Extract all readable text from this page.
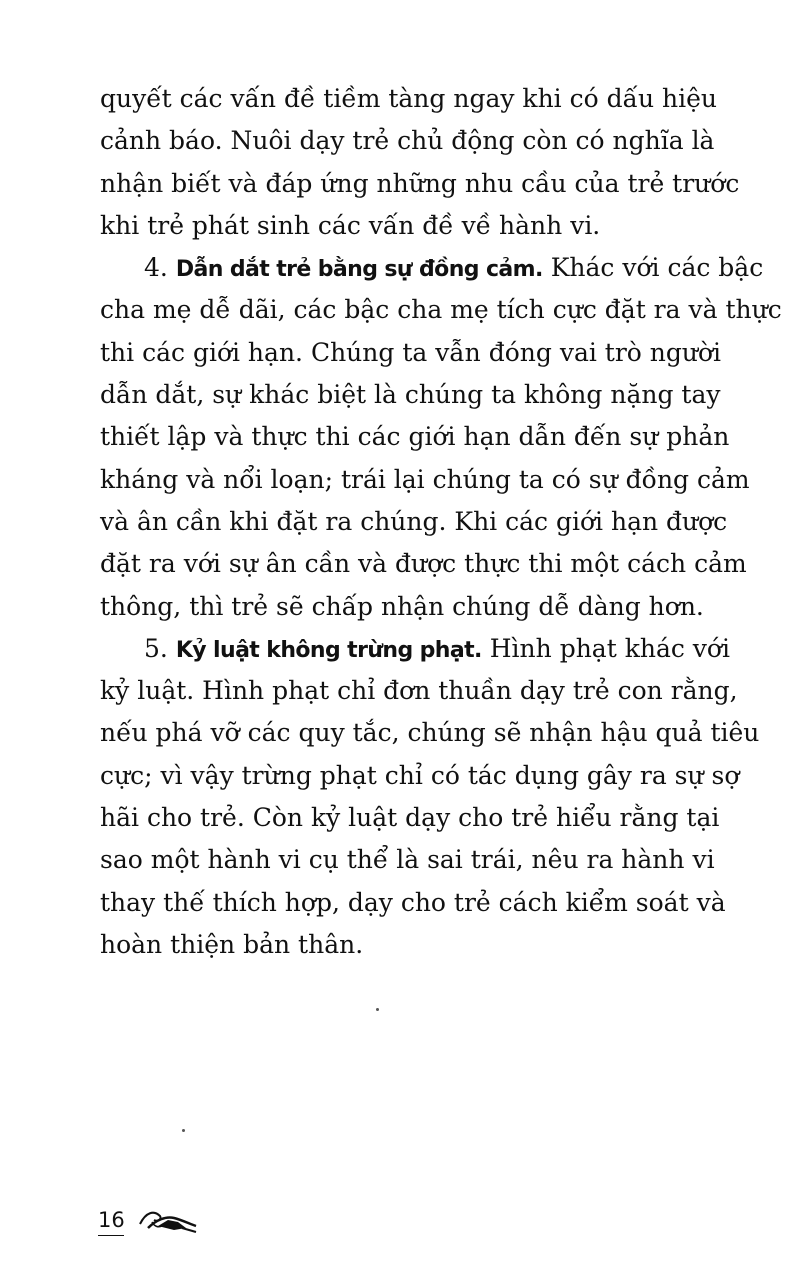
quyết các vấn đề tiềm tàng ngay khi có dấu hiệu
cảnh báo. Nuôi dạy trẻ chủ động còn có nghĩa là
nhận biết và đáp ứng những nhu cầu của trẻ trước
khi trẻ phát sinh các vấn đề về hành vi.
4. Dẫn dắt trẻ bằng sự đồng cảm. Khác với các bậc
cha mẹ dễ dãi, các bậc cha mẹ tích cực đặt ra và thực
thi các giới hạn. Chúng ta vẫn đóng vai trò người
dẫn dắt, sự khác biệt là chúng ta không nặng tay
thiết lập và thực thi các giới hạn dẫn đến sự phản
kháng và nổi loạn; trái lại chúng ta có sự đồng cảm
và ân cần khi đặt ra chúng. Khi các giới hạn được
đặt ra với sự ân cần và được thực thi một cách cảm
thông, thì trẻ sẽ chấp nhận chúng dễ dàng hơn.
5. Kỷ luật không trừng phạt. Hình phạt khác với
kỷ luật. Hình phạt chỉ đơn thuần dạy trẻ con rằng,
nếu phá vỡ các quy tắc, chúng sẽ nhận hậu quả tiêu
cực; vì vậy trừng phạt chỉ có tác dụng gây ra sự sợ
hãi cho trẻ. Còn kỷ luật dạy cho trẻ hiểu rằng tại
sao một hành vi cụ thể là sai trái, nêu ra hành vi
thay thế thích hợp, dạy cho trẻ cách kiểm soát và
hoàn thiện bản thân.
16
